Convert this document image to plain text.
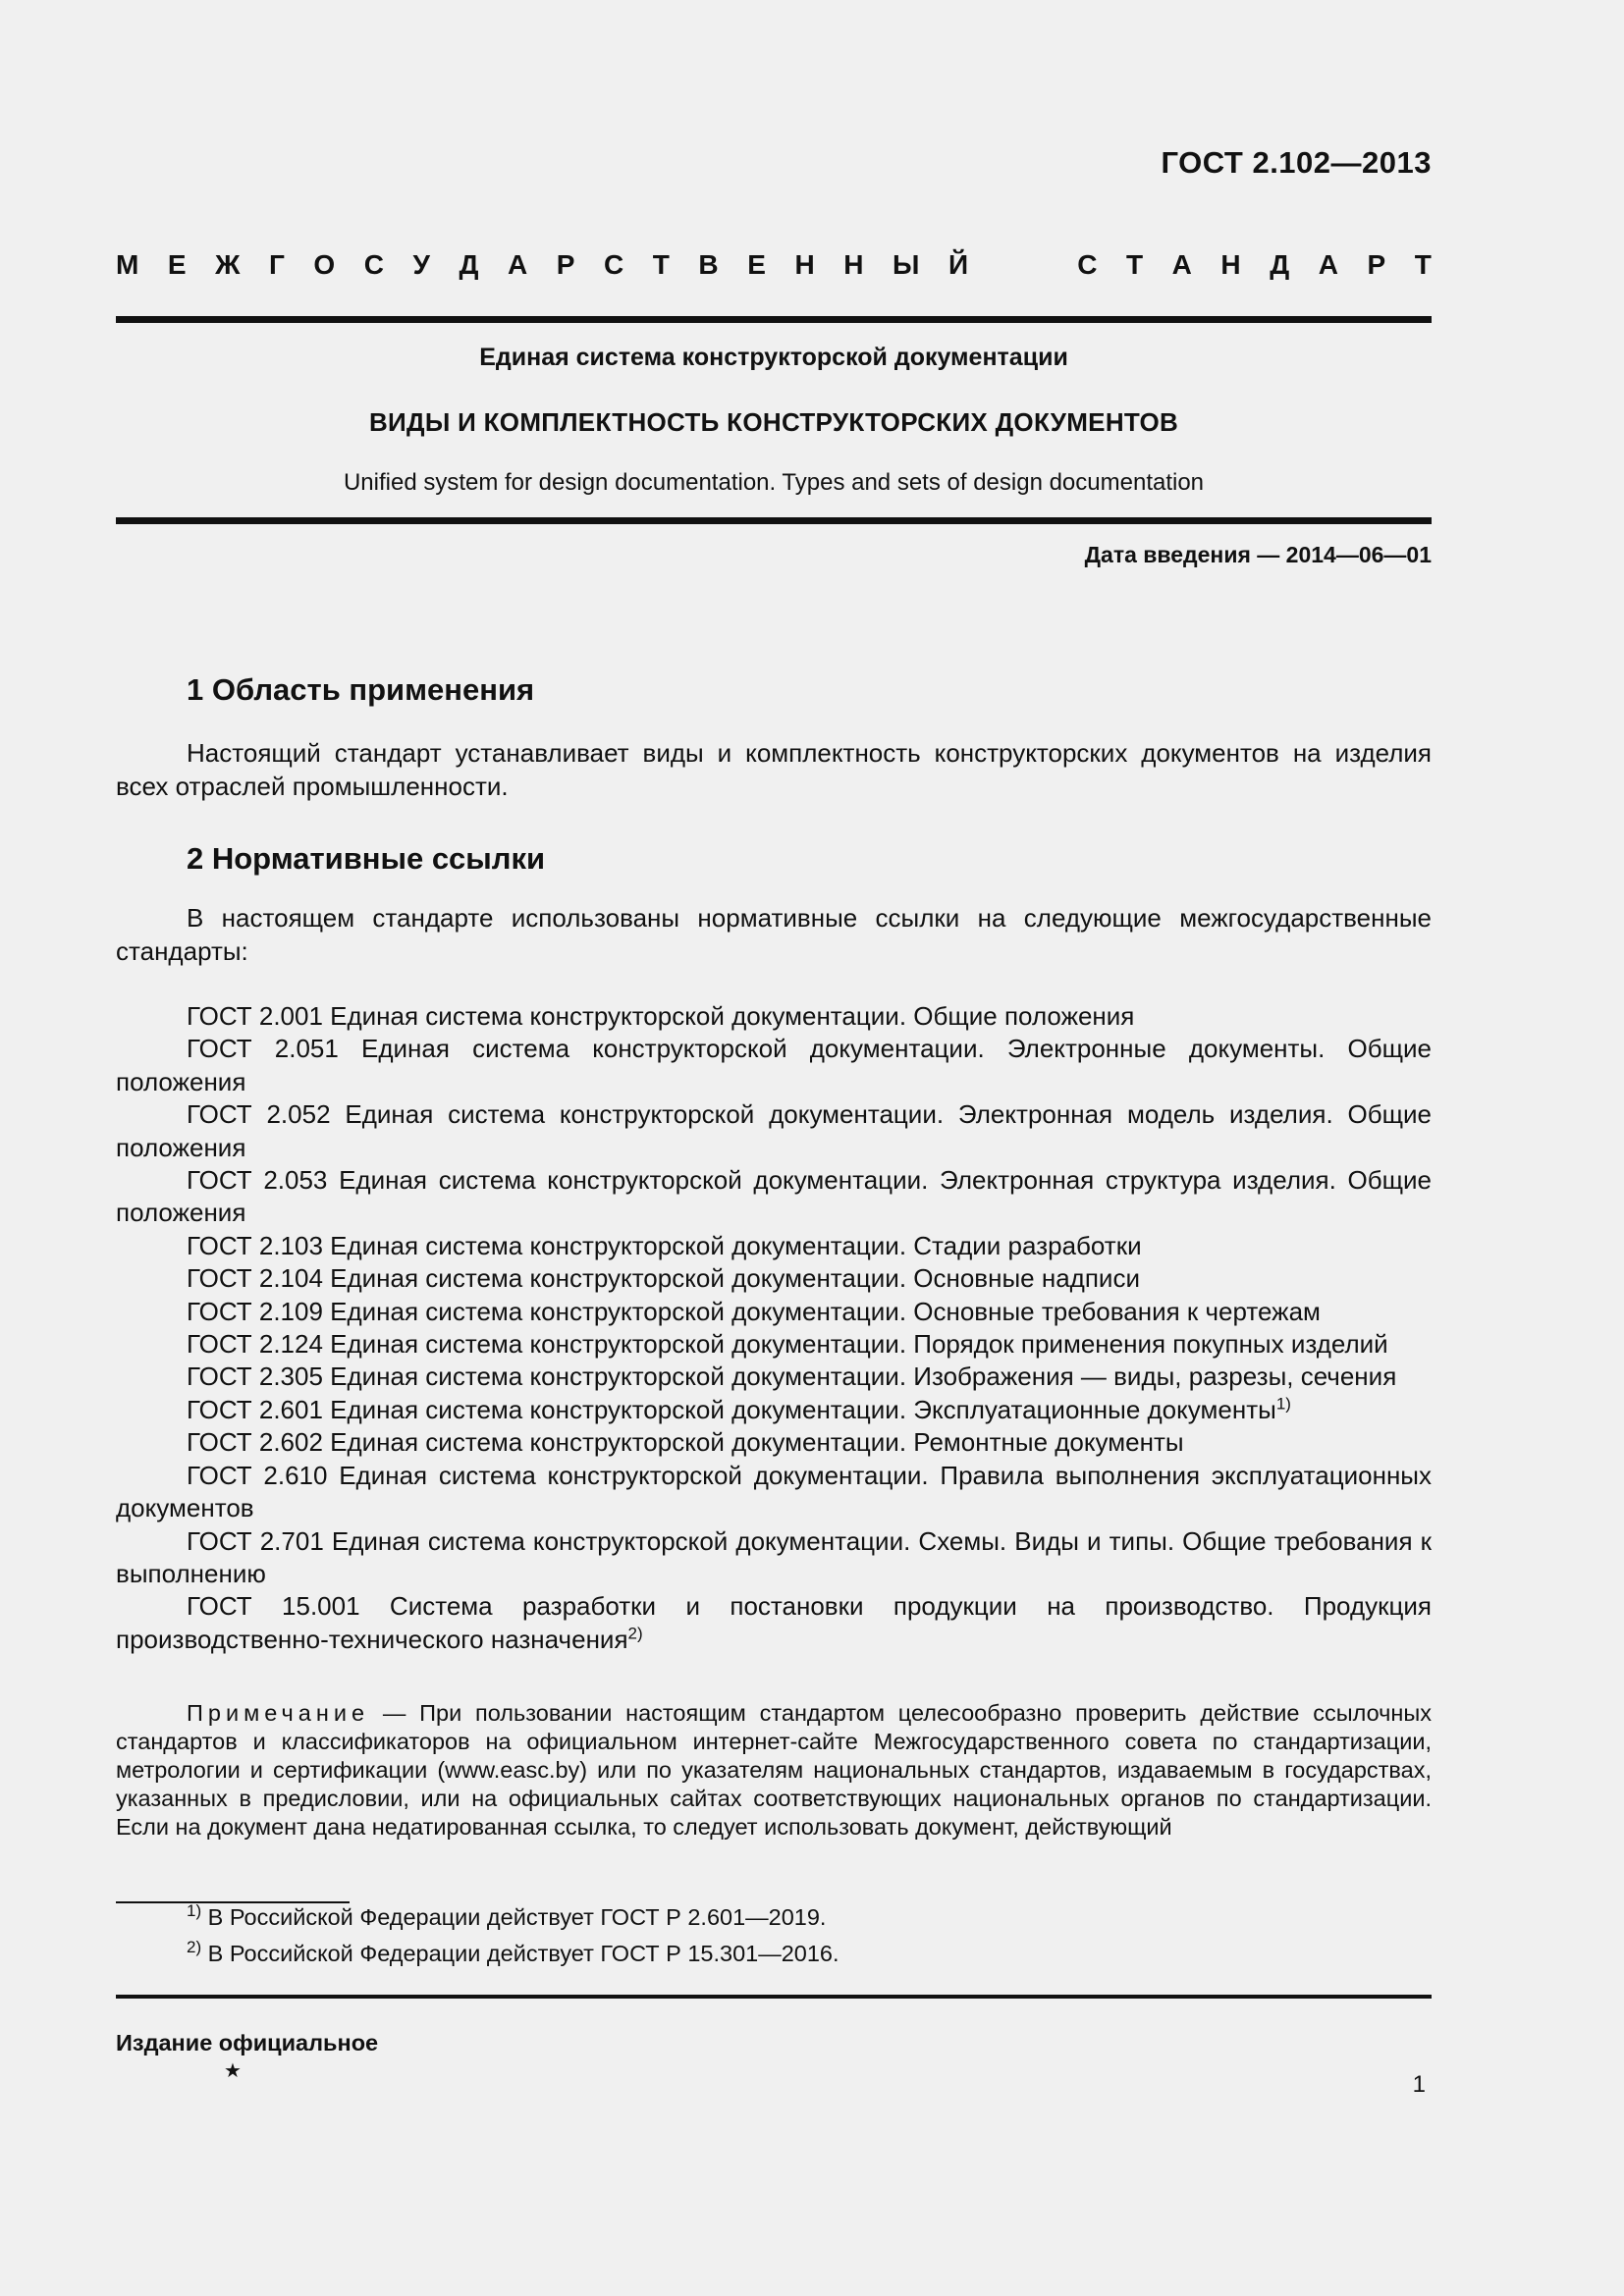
ГОСТ 2.102—2013
М Е Ж Г О С У Д А Р С Т В Е Н Н Ы Й	С Т А Н Д А Р Т
Единая система конструкторской документации
ВИДЫ И КОМПЛЕКТНОСТЬ КОНСТРУКТОРСКИХ ДОКУМЕНТОВ
Unified system for design documentation. Types and sets of design documentation
Дата введения — 2014—06—01
1 Область применения

Настоящий стандарт устанавливает виды и комплектность конструкторских документов на изделия всех отраслей промышленности.

2 Нормативные ссылки

В настоящем стандарте использованы нормативные ссылки на следующие межгосударственные стандарты:

ГОСТ 2.001 Единая система конструкторской документации. Общие положения
ГОСТ 2.051 Единая система конструкторской документации. Электронные документы. Общие положения
ГОСТ 2.052 Единая система конструкторской документации. Электронная модель изделия. Общие положения
ГОСТ 2.053 Единая система конструкторской документации. Электронная структура изделия. Общие положения
ГОСТ 2.103 Единая система конструкторской документации. Стадии разработки
ГОСТ 2.104 Единая система конструкторской документации. Основные надписи
ГОСТ 2.109 Единая система конструкторской документации. Основные требования к чертежам
ГОСТ 2.124 Единая система конструкторской документации. Порядок применения покупных изделий
ГОСТ 2.305 Единая система конструкторской документации. Изображения — виды, разрезы, сечения
ГОСТ 2.601 Единая система конструкторской документации. Эксплуатационные документы$^{1)}$
ГОСТ 2.602 Единая система конструкторской документации. Ремонтные документы
ГОСТ 2.610 Единая система конструкторской документации. Правила выполнения эксплуатационных документов
ГОСТ 2.701 Единая система конструкторской документации. Схемы. Виды и типы. Общие требования к выполнению
ГОСТ 15.001 Система разработки и постановки продукции на производство. Продукция производственно-технического назначения$^{2)}$

Примечание — При пользовании настоящим стандартом целесообразно проверить действие ссылочных стандартов и классификаторов на официальном интернет-сайте Межгосударственного совета по стандартизации, метрологии и сертификации (www.easc.by) или по указателям национальных стандартов, издаваемым в государствах, указанных в предисловии, или на официальных сайтах соответствующих национальных органов по стандартизации. Если на документ дана недатированная ссылка, то следует использовать документ, действующий

$^{1)}$ В Российской Федерации действует ГОСТ Р 2.601—2019.
$^{2)}$ В Российской Федерации действует ГОСТ Р 15.301—2016.
Издание официальное
★	1
